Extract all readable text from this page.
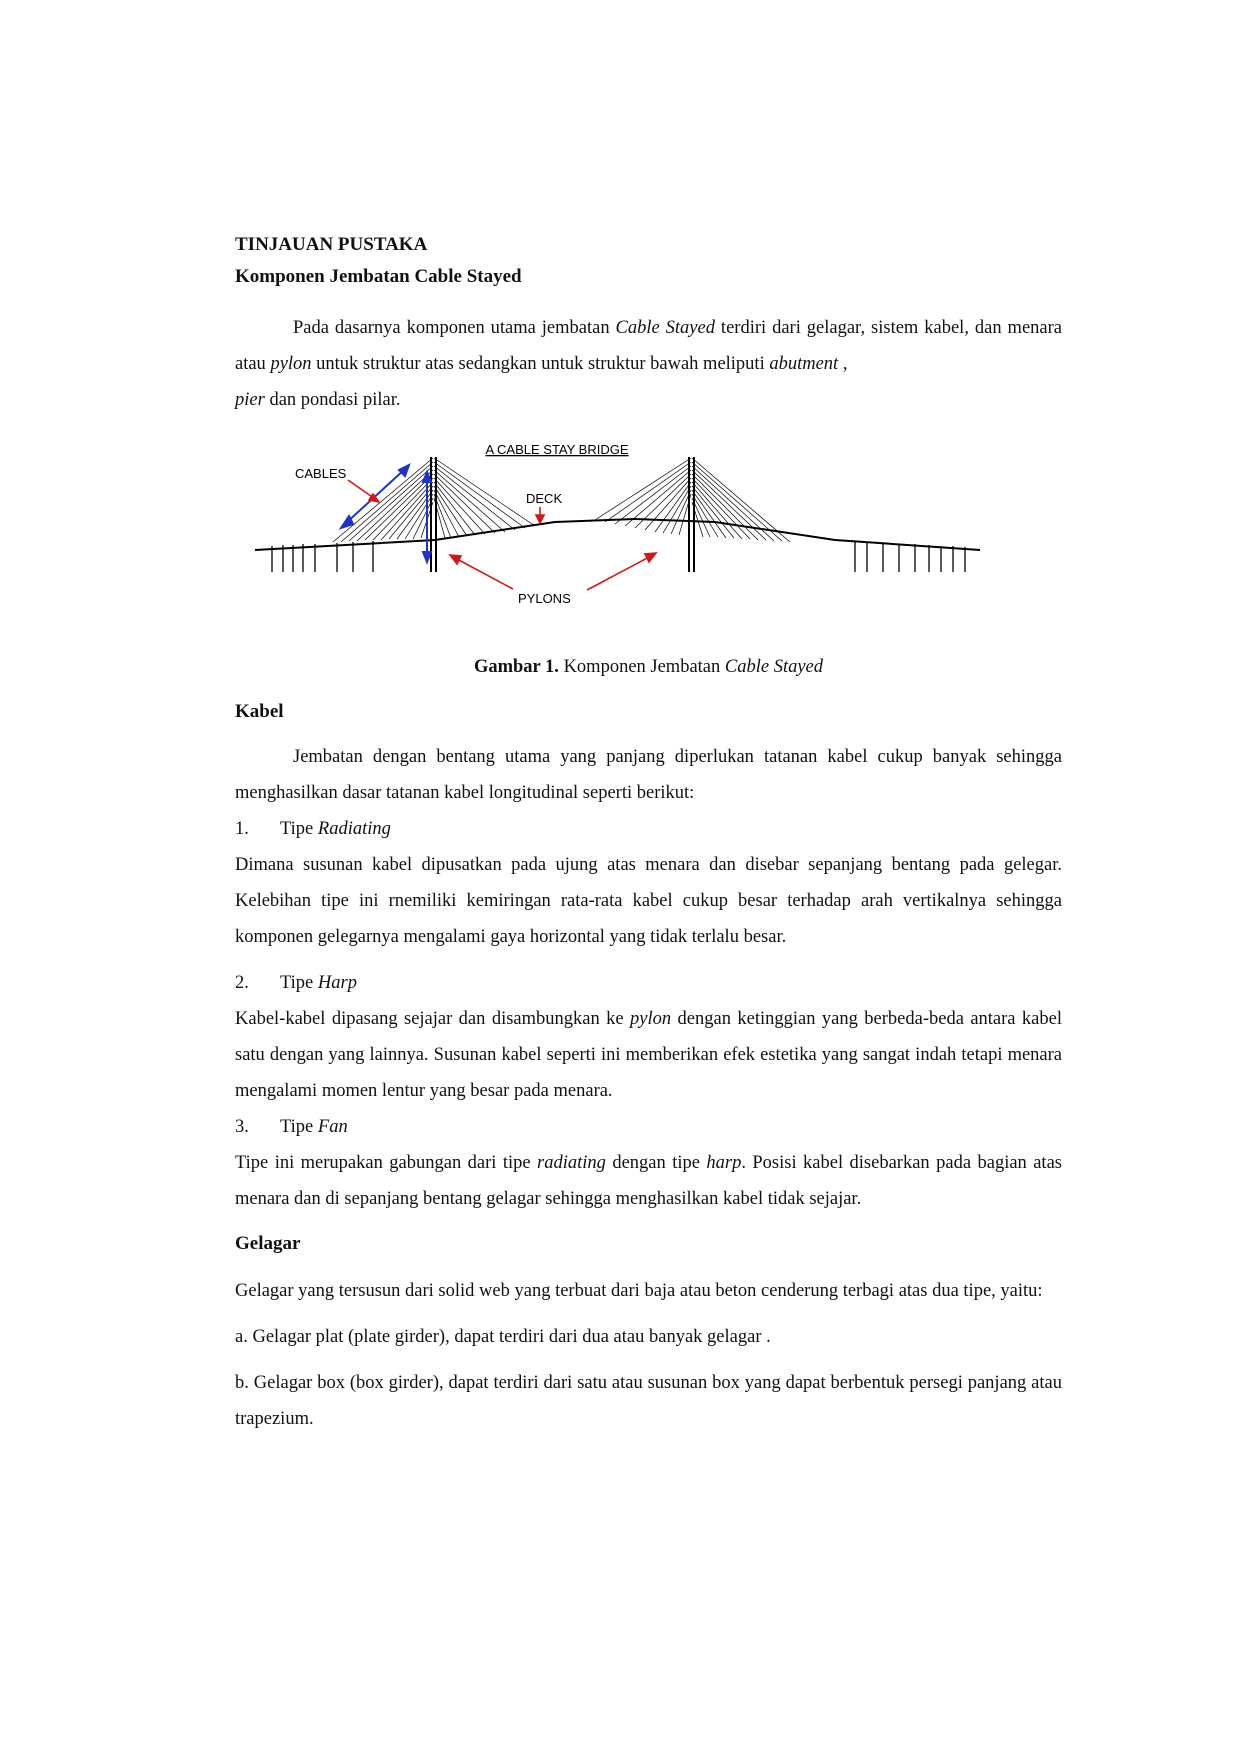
TINJAUAN PUSTAKA

Komponen Jembatan Cable Stayed

Pada dasarnya komponen utama jembatan Cable Stayed terdiri dari gelagar, sistem kabel, dan menara atau pylon untuk struktur atas sedangkan untuk struktur bawah meliputi abutment ,
pier dan pondasi pilar.

A CABLE STAY BRIDGE
CABLES
DECK
PYLONS

Gambar 1. Komponen Jembatan Cable Stayed

Kabel

Jembatan dengan bentang utama yang panjang diperlukan tatanan kabel cukup banyak sehingga menghasilkan dasar tatanan kabel longitudinal seperti berikut:

1. Tipe Radiating

Dimana susunan kabel dipusatkan pada ujung atas menara dan disebar sepanjang bentang pada gelegar. Kelebihan tipe ini rnemiliki kemiringan rata-rata kabel cukup besar terhadap arah vertikalnya sehingga komponen gelegarnya mengalami gaya horizontal yang tidak terlalu besar.

2. Tipe Harp

Kabel-kabel dipasang sejajar dan disambungkan ke pylon dengan ketinggian yang berbeda-beda antara kabel satu dengan yang lainnya. Susunan kabel seperti ini memberikan efek estetika yang sangat indah tetapi menara mengalami momen lentur yang besar pada menara.

3. Tipe Fan

Tipe ini merupakan gabungan dari tipe radiating dengan tipe harp. Posisi kabel disebarkan pada bagian atas menara dan di sepanjang bentang gelagar sehingga menghasilkan kabel tidak sejajar.

Gelagar

Gelagar yang tersusun dari solid web yang terbuat dari baja atau beton cenderung terbagi atas dua tipe, yaitu:

a. Gelagar plat (plate girder), dapat terdiri dari dua atau banyak gelagar .

b. Gelagar box (box girder), dapat terdiri dari satu atau susunan box yang dapat berbentuk persegi panjang atau trapezium.
